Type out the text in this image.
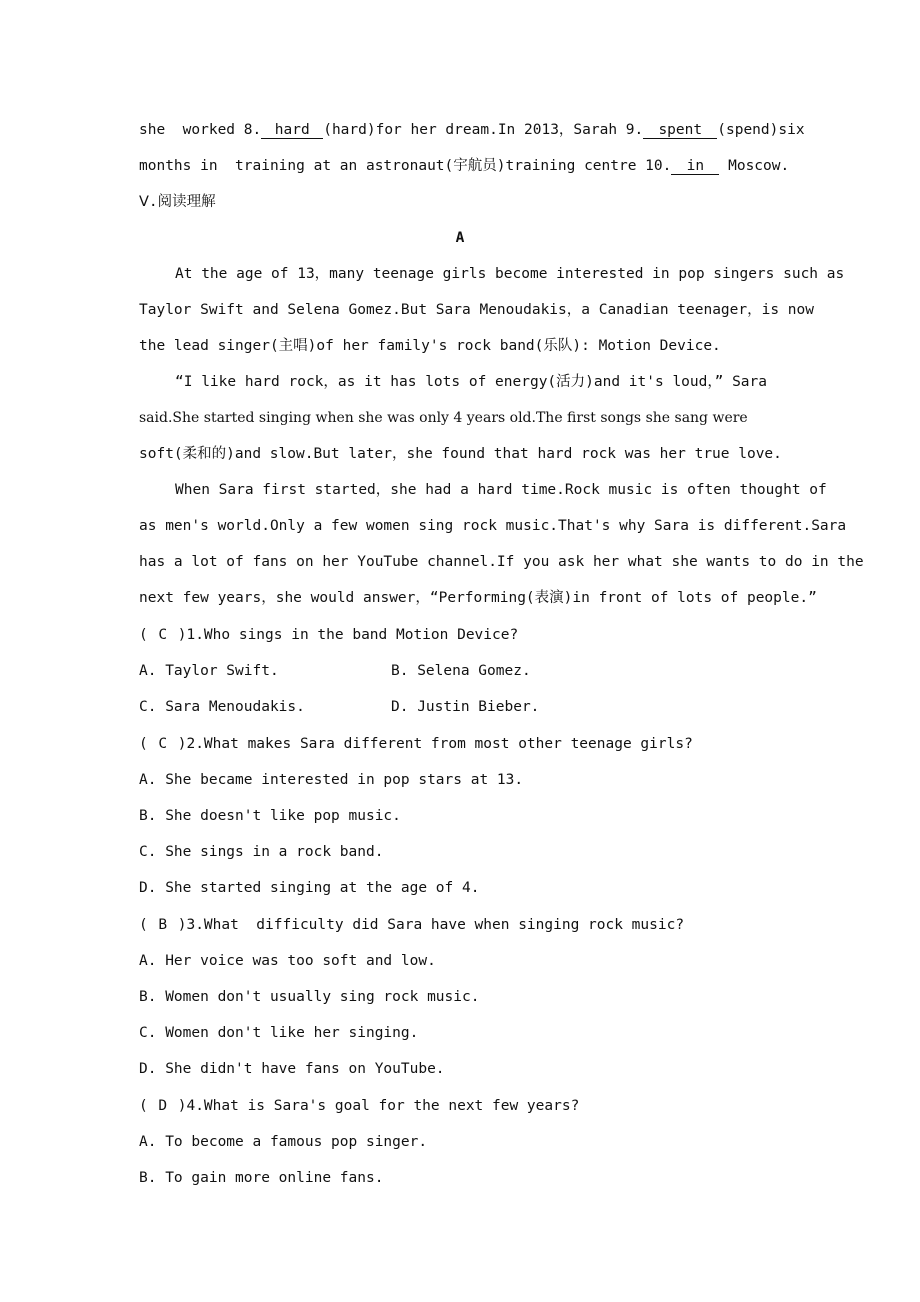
she  worked 8. hard (hard)for her dream.In 2013，Sarah 9. spent (spend)six
months in  training at an astronaut(宇航员)training centre 10. in Moscow.
Ⅴ.阅读理解
A
At the age of 13，many teenage girls become interested in pop singers such as
Taylor Swift and Selena Gomez.But Sara Menoudakis，a Canadian teenager，is now
the lead singer(主唱)of her family's rock band(乐队): Motion Device.
“I like hard rock，as it has lots of energy(活力)and it's loud，” Sara
said.She started singing when she was only 4 years old.The first songs she sang were
soft(柔和的)and slow.But later，she found that hard rock was her true love.
When Sara first started，she had a hard time.Rock music is often thought of
as men's world.Only a few women sing rock music.That's why Sara is different.Sara
has a lot of fans on her YouTube channel.If you ask her what she wants to do in the
next few years，she would answer，“Performing(表演)in front of lots of people.”
( C )1.Who sings in the band Motion Device?
A. Taylor Swift.	B. Selena Gomez.
C. Sara Menoudakis.	D. Justin Bieber.
( C )2.What makes Sara different from most other teenage girls?
A. She became interested in pop stars at 13.
B. She doesn't like pop music.
C. She sings in a rock band.
D. She started singing at the age of 4.
( B )3.What  difficulty did Sara have when singing rock music?
A. Her voice was too soft and low.
B. Women don't usually sing rock music.
C. Women don't like her singing.
D. She didn't have fans on YouTube.
( D )4.What is Sara's goal for the next few years?
A. To become a famous pop singer.
B. To gain more online fans.
